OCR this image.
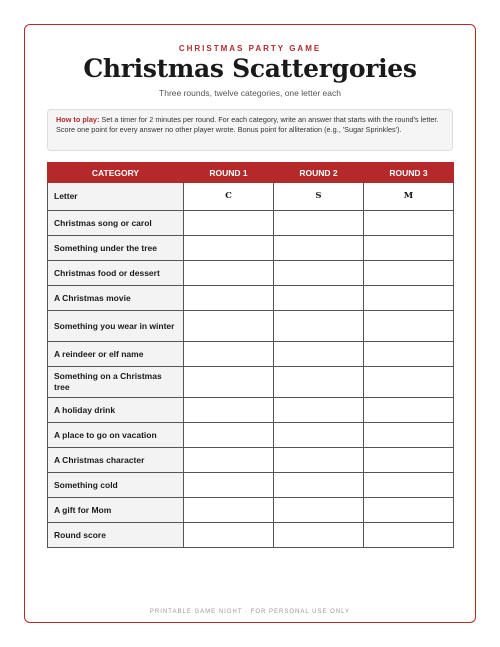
CHRISTMAS PARTY GAME
Christmas Scattergories
Three rounds, twelve categories, one letter each
How to play: Set a timer for 2 minutes per round. For each category, write an answer that starts with the round's letter. Score one point for every answer no other player wrote. Bonus point for alliteration (e.g., 'Sugar Sprinkles').
CATEGORY	ROUND 1	ROUND 2	ROUND 3
Letter	C	S	M
Christmas song or carol			
Something under the tree			
Christmas food or dessert			
A Christmas movie			
Something you wear in winter			
A reindeer or elf name			
Something on a Christmas tree			
A holiday drink			
A place to go on vacation			
A Christmas character			
Something cold			
A gift for Mom			
Round score			
PRINTABLE GAME NIGHT · FOR PERSONAL USE ONLY
